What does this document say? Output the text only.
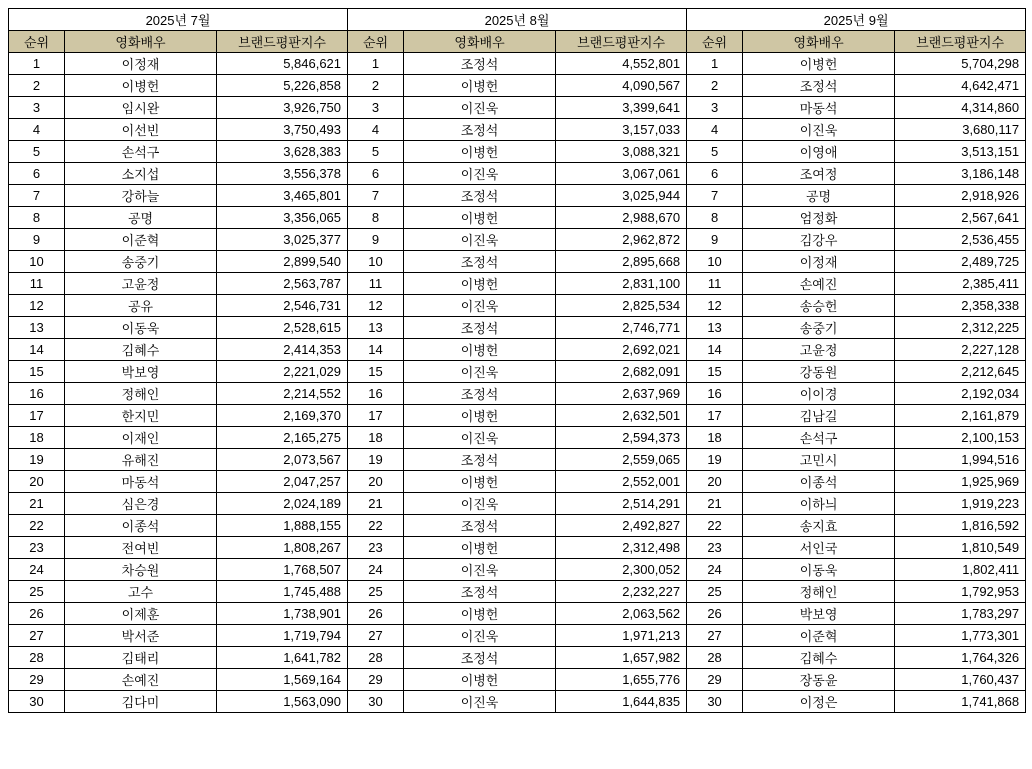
2025년 7월			2025년 8월			2025년 9월		
순위	영화배우	브랜드평판지수	순위	영화배우	브랜드평판지수	순위	영화배우	브랜드평판지수
1	이정재	5,846,621	1	조정석	4,552,801	1	이병헌	5,704,298
2	이병헌	5,226,858	2	이병헌	4,090,567	2	조정석	4,642,471
3	임시완	3,926,750	3	이진욱	3,399,641	3	마동석	4,314,860
4	이선빈	3,750,493	4	조정석	3,157,033	4	이진욱	3,680,117
5	손석구	3,628,383	5	이병헌	3,088,321	5	이영애	3,513,151
6	소지섭	3,556,378	6	이진욱	3,067,061	6	조여정	3,186,148
7	강하늘	3,465,801	7	조정석	3,025,944	7	공명	2,918,926
8	공명	3,356,065	8	이병헌	2,988,670	8	엄정화	2,567,641
9	이준혁	3,025,377	9	이진욱	2,962,872	9	김강우	2,536,455
10	송중기	2,899,540	10	조정석	2,895,668	10	이정재	2,489,725
11	고윤정	2,563,787	11	이병헌	2,831,100	11	손예진	2,385,411
12	공유	2,546,731	12	이진욱	2,825,534	12	송승헌	2,358,338
13	이동욱	2,528,615	13	조정석	2,746,771	13	송중기	2,312,225
14	김혜수	2,414,353	14	이병헌	2,692,021	14	고윤정	2,227,128
15	박보영	2,221,029	15	이진욱	2,682,091	15	강동원	2,212,645
16	정해인	2,214,552	16	조정석	2,637,969	16	이이경	2,192,034
17	한지민	2,169,370	17	이병헌	2,632,501	17	김남길	2,161,879
18	이재인	2,165,275	18	이진욱	2,594,373	18	손석구	2,100,153
19	유해진	2,073,567	19	조정석	2,559,065	19	고민시	1,994,516
20	마동석	2,047,257	20	이병헌	2,552,001	20	이종석	1,925,969
21	심은경	2,024,189	21	이진욱	2,514,291	21	이하늬	1,919,223
22	이종석	1,888,155	22	조정석	2,492,827	22	송지효	1,816,592
23	전여빈	1,808,267	23	이병헌	2,312,498	23	서인국	1,810,549
24	차승원	1,768,507	24	이진욱	2,300,052	24	이동욱	1,802,411
25	고수	1,745,488	25	조정석	2,232,227	25	정해인	1,792,953
26	이제훈	1,738,901	26	이병헌	2,063,562	26	박보영	1,783,297
27	박서준	1,719,794	27	이진욱	1,971,213	27	이준혁	1,773,301
28	김태리	1,641,782	28	조정석	1,657,982	28	김혜수	1,764,326
29	손예진	1,569,164	29	이병헌	1,655,776	29	장동윤	1,760,437
30	김다미	1,563,090	30	이진욱	1,644,835	30	이정은	1,741,868
